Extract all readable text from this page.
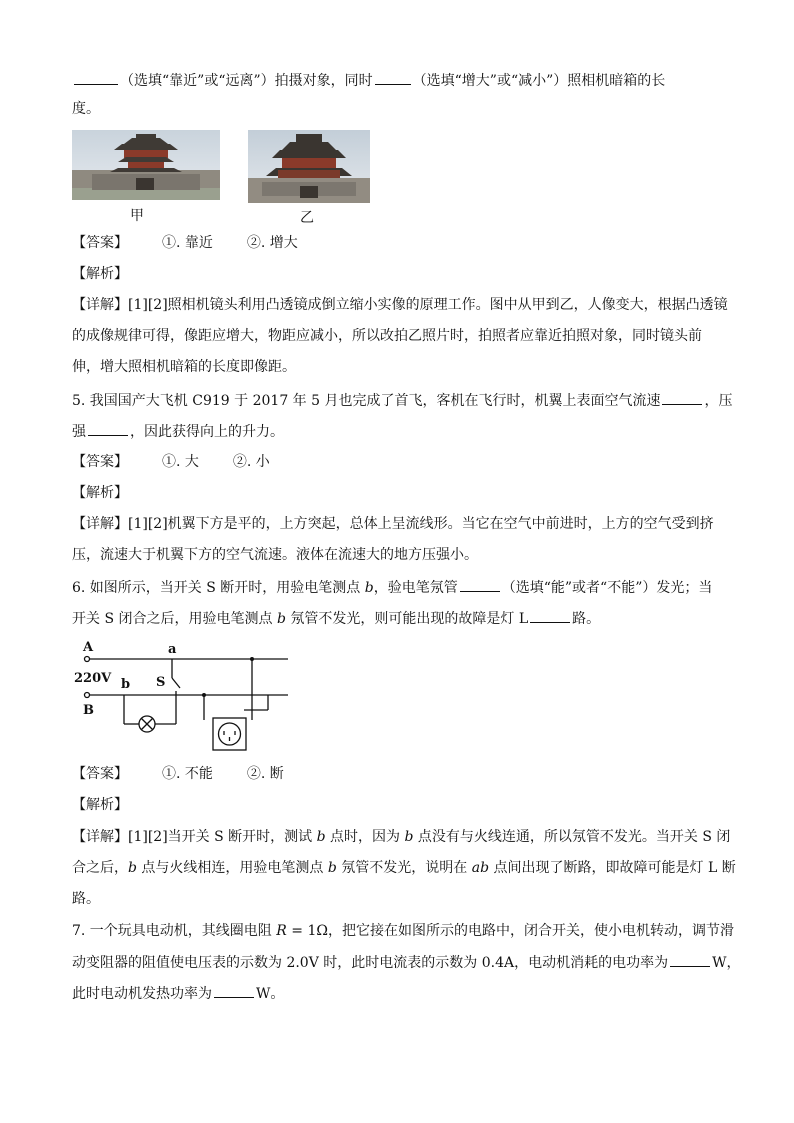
（选填“靠近”或“远离”）拍摄对象，同时	（选填“增大”或“减小”）照相机暗箱的长
度。
甲	乙
【答案】 ①. 靠近 ②. 增大
【解析】
【详解】[1][2]照相机镜头利用凸透镜成倒立缩小实像的原理工作。图中从甲到乙，人像变大，根据凸透镜
的成像规律可得，像距应增大，物距应减小，所以改拍乙照片时，拍照者应靠近拍照对象，同时镜头前
伸，增大照相机暗箱的长度即像距。
5. 我国国产大飞机 C919 于 2017 年 5 月也完成了首飞，客机在飞行时，机翼上表面空气流速	，压
强	，因此获得向上的升力。
【答案】 ①. 大 ②. 小
【解析】
【详解】[1][2]机翼下方是平的，上方突起，总体上呈流线形。当它在空气中前进时，上方的空气受到挤
压，流速大于机翼下方的空气流速。液体在流速大的地方压强小。
6. 如图所示，当开关 S 断开时，用验电笔测点 b，验电笔氖管	（选填“能”或者“不能”）发光；当
开关 S 闭合之后，用验电笔测点 b 氖管不发光，则可能出现的故障是灯 L	路。
A
220V
B
a
b S
【答案】 ①. 不能 ②. 断
【解析】
【详解】[1][2]当开关 S 断开时，测试 b 点时，因为 b 点没有与火线连通，所以氖管不发光。当开关 S 闭
合之后，b 点与火线相连，用验电笔测点 b 氖管不发光，说明在 ab 点间出现了断路，即故障可能是灯 L 断
路。
7. 一个玩具电动机，其线圈电阻 R = 1Ω，把它接在如图所示的电路中，闭合开关，使小电机转动，调节滑
动变阻器的阻值使电压表的示数为 2.0V 时，此时电流表的示数为 0.4A，电动机消耗的电功率为	W，
此时电动机发热功率为	W。
